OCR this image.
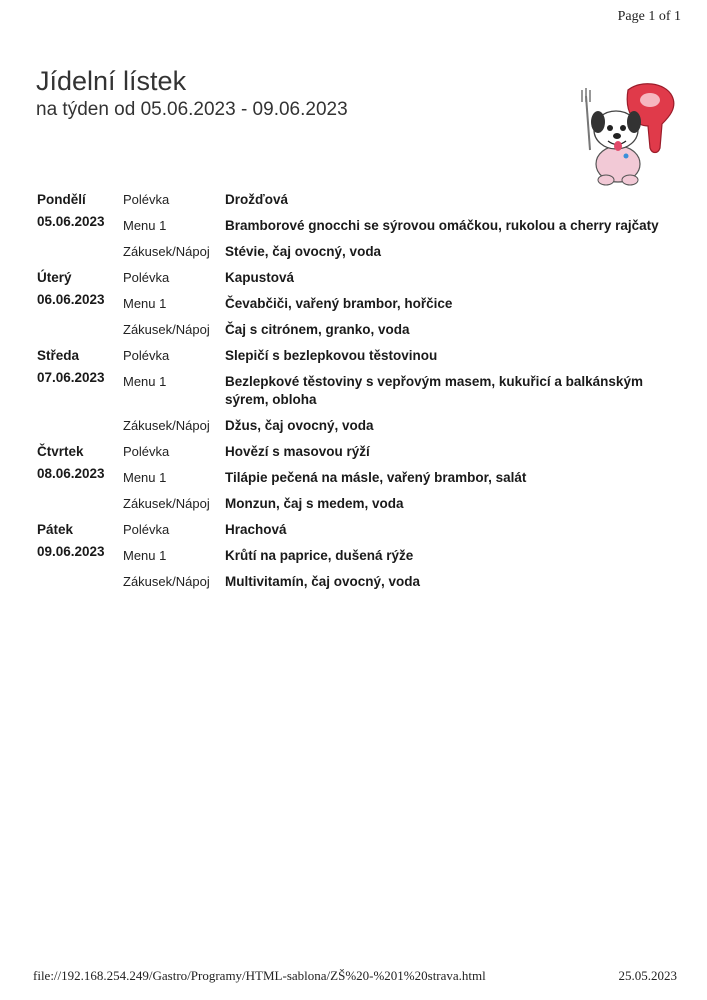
Page 1 of 1
Jídelní lístek
na týden od 05.06.2023 - 09.06.2023
Pondělí	Polévka	Drožďová
05.06.2023	Menu 1	Bramborové gnocchi se sýrovou omáčkou, rukolou a cherry rajčaty
Zákusek/Nápoj	Stévie, čaj ovocný, voda
Úterý	Polévka	Kapustová
06.06.2023	Menu 1	Čevabčiči, vařený brambor, hořčice
Zákusek/Nápoj	Čaj s citrónem, granko, voda
Středa	Polévka	Slepičí s bezlepkovou těstovinou
07.06.2023	Menu 1	Bezlepkové těstoviny s vepřovým masem, kukuřicí a balkánským sýrem, obloha
Zákusek/Nápoj	Džus, čaj ovocný, voda
Čtvrtek	Polévka	Hovězí s masovou rýží
08.06.2023	Menu 1	Tilápie pečená na másle, vařený brambor, salát
Zákusek/Nápoj	Monzun, čaj s medem, voda
Pátek	Polévka	Hrachová
09.06.2023	Menu 1	Krůtí na paprice, dušená rýže
Zákusek/Nápoj	Multivitamín, čaj ovocný, voda
file://192.168.254.249/Gastro/Programy/HTML-sablona/ZŠ%20-%201%20strava.html	25.05.2023
